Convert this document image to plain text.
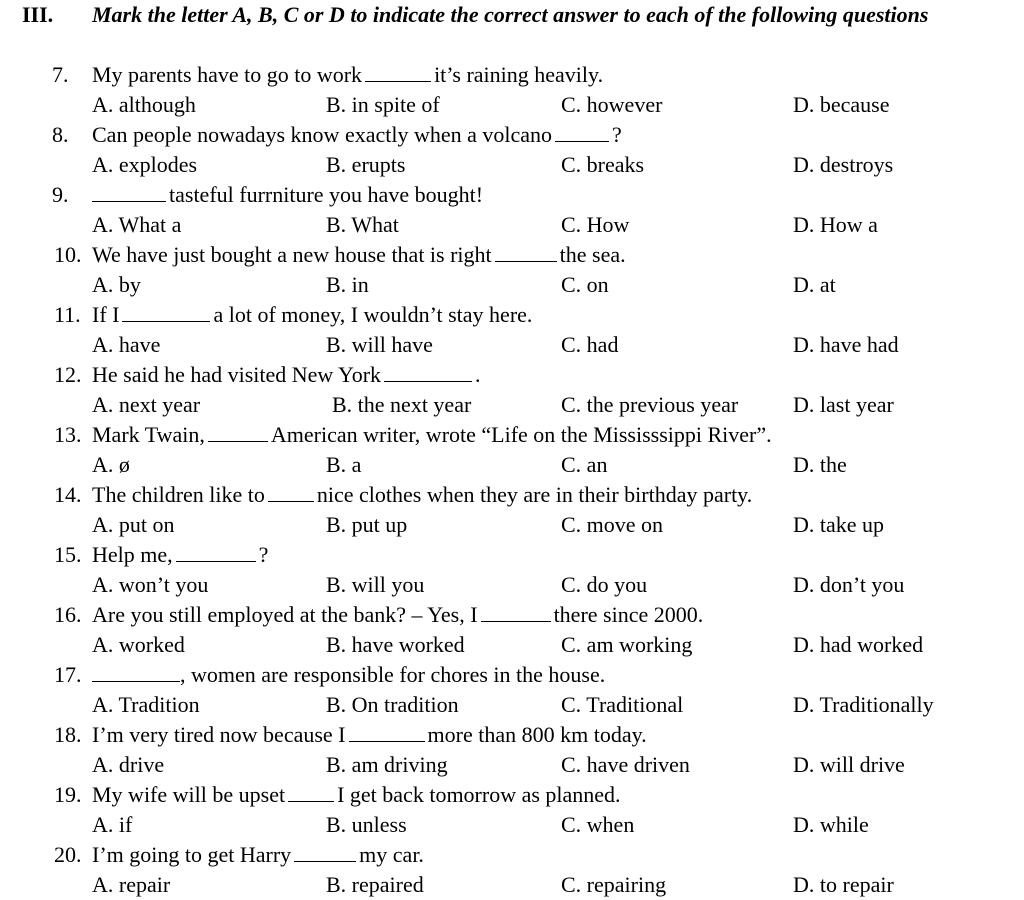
III. Mark the letter A, B, C or D to indicate the correct answer to each of the following questions
7. My parents have to go to work	it’s raining heavily.
A. although	B. in spite of	C. however	D. because
8. Can people nowadays know exactly when a volcano	?
A. explodes	B. erupts	C. breaks	D. destroys
9.	tasteful furrniture you have bought!
A. What a	B. What	C. How	D. How a
10. We have just bought a new house that is right	the sea.
A. by	B. in	C. on	D. at
11. If I	a lot of money, I wouldn’t stay here.
A. have	B. will have	C. had	D. have had
12. He said he had visited New York	.
A. next year	B. the next year	C. the previous year D. last year
13. Mark Twain,	American writer, wrote “Life on the Mississsippi River”.
A. ø	B. a	C. an	D. the
14. The children like to nice clothes when they are in their birthday party.
A. put on	B. put up	C. move on	D. take up
15. Help me,	?
A. won’t you	B. will you	C. do you	D. don’t you
16. Are you still employed at the bank? – Yes, I	there since 2000.
A. worked	B. have worked	C. am working	D. had worked
17.	, women are responsible for chores in the house.
A. Tradition	B. On tradition	C. Traditional	D. Traditionally
18. I’m very tired now because I	more than 800 km today.
A. drive	B. am driving	C. have driven	D. will drive
19. My wife will be upset I get back tomorrow as planned.
A. if	B. unless	C. when	D. while
20. I’m going to get Harry	my car.
A. repair	B. repaired	C. repairing	D. to repair
